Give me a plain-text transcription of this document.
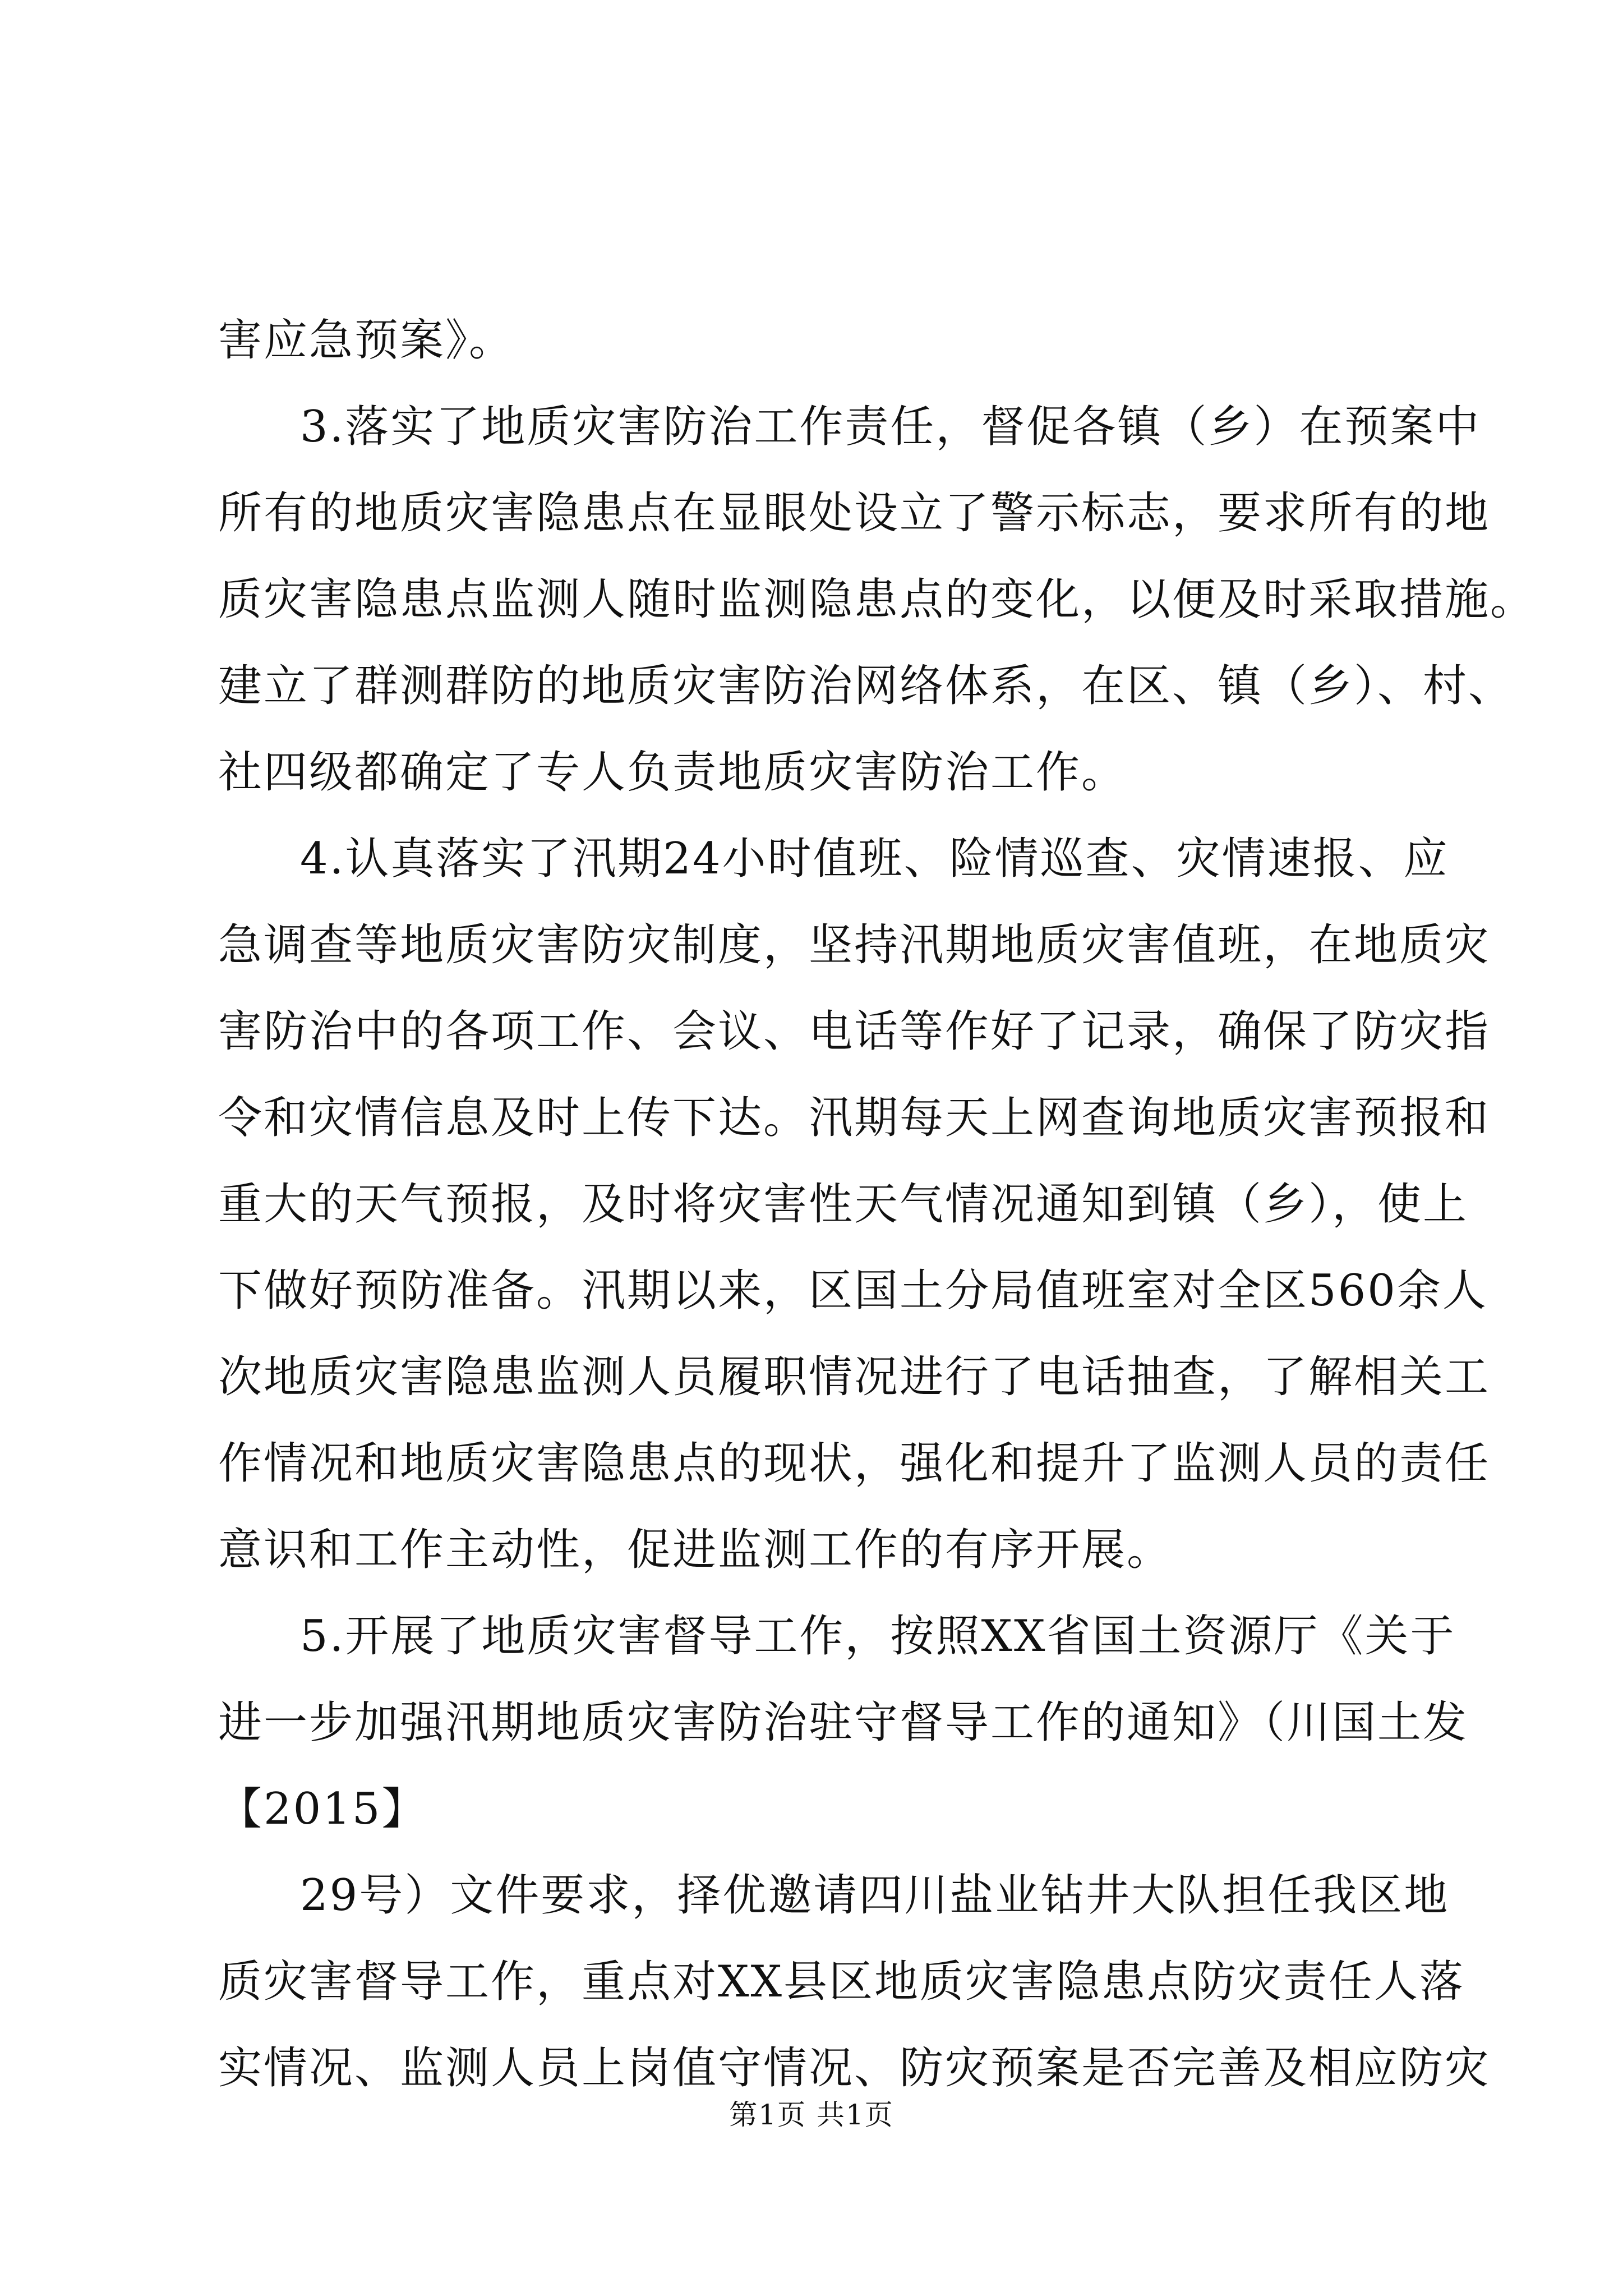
害应急预案》。
3.落实了地质灾害防治工作责任，督促各镇（乡）在预案中
所有的地质灾害隐患点在显眼处设立了警示标志，要求所有的地
质灾害隐患点监测人随时监测隐患点的变化，以便及时采取措施。
建立了群测群防的地质灾害防治网络体系，在区、镇（乡）、村、
社四级都确定了专人负责地质灾害防治工作。
4.认真落实了汛期24小时值班、险情巡查、灾情速报、应
急调查等地质灾害防灾制度，坚持汛期地质灾害值班，在地质灾
害防治中的各项工作、会议、电话等作好了记录，确保了防灾指
令和灾情信息及时上传下达。汛期每天上网查询地质灾害预报和
重大的天气预报，及时将灾害性天气情况通知到镇（乡），使上
下做好预防准备。汛期以来，区国土分局值班室对全区560余人
次地质灾害隐患监测人员履职情况进行了电话抽查，了解相关工
作情况和地质灾害隐患点的现状，强化和提升了监测人员的责任
意识和工作主动性，促进监测工作的有序开展。
5.开展了地质灾害督导工作，按照XX省国土资源厅《关于
进一步加强汛期地质灾害防治驻守督导工作的通知》（川国土发
【2015】
29号）文件要求，择优邀请四川盐业钻井大队担任我区地
质灾害督导工作，重点对XX县区地质灾害隐患点防灾责任人落
实情况、监测人员上岗值守情况、防灾预案是否完善及相应防灾
第1页 共1页
